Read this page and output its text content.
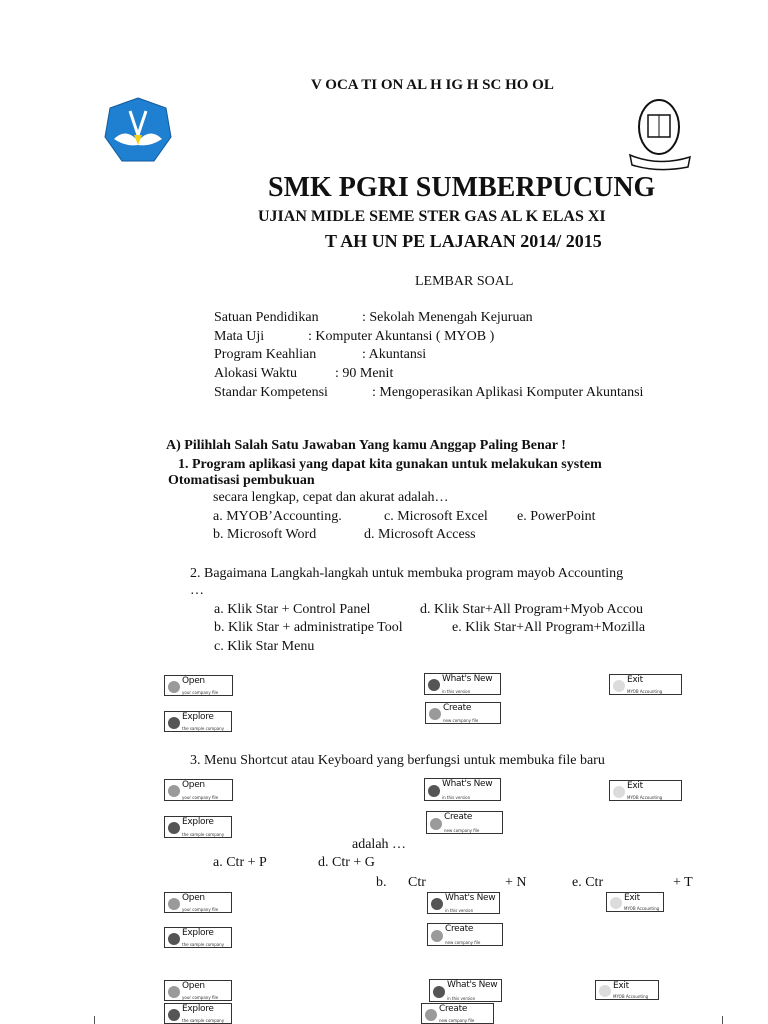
V OCA TI ON AL H IG H SC HO OL
SMK PGRI SUMBERPUCUNG
UJIAN MIDLE SEME STER GAS AL K ELAS XI
T AH UN PE LAJARAN 2014/ 2015
LEMBAR SOAL
Satuan Pendidikan	: Sekolah Menengah Kejuruan
Mata Uji	: Komputer Akuntansi ( MYOB )
Program Keahlian	: Akuntansi
Alokasi Waktu	: 90 Menit
Standar Kompetensi	: Mengoperasikan Aplikasi Komputer Akuntansi
A) Pilihlah Salah Satu Jawaban Yang kamu Anggap Paling Benar !
1. Program aplikasi yang dapat kita gunakan untuk melakukan system
Otomatisasi pembukuan
secara lengkap, cepat dan akurat adalah…
a. MYOB’Accounting.	c. Microsoft Excel e. PowerPoint
b. Microsoft Word	d. Microsoft Access
2. Bagaimana Langkah-langkah untuk membuka program mayob Accounting
…
a. Klik Star + Control Panel	d. Klik Star+All Program+Myob Accou
b. Klik Star + administratipe Tool	e. Klik Star+All Program+Mozilla
c. Klik Star Menu
3. Menu Shortcut atau Keyboard yang berfungsi untuk membuka file baru
adalah …
a. Ctr + P	d. Ctr + G
b. Ctr	+ N	e. Ctr	+ T
Open
your company file
What's New
in this version
Exit
MYOB Accounting
Explore
the sample company
Create
new company file
Open
your company file
What's New
in this version
Exit
MYOB Accounting
Explore
the sample company
Create
new company file
Open
your company file
What's New
in this version
Exit
MYOB Accounting
Explore
the sample company
Create
new company file
Open
your company file
What's New
in this version
Exit
MYOB Accounting
Explore
the sample company
Create
new company file
